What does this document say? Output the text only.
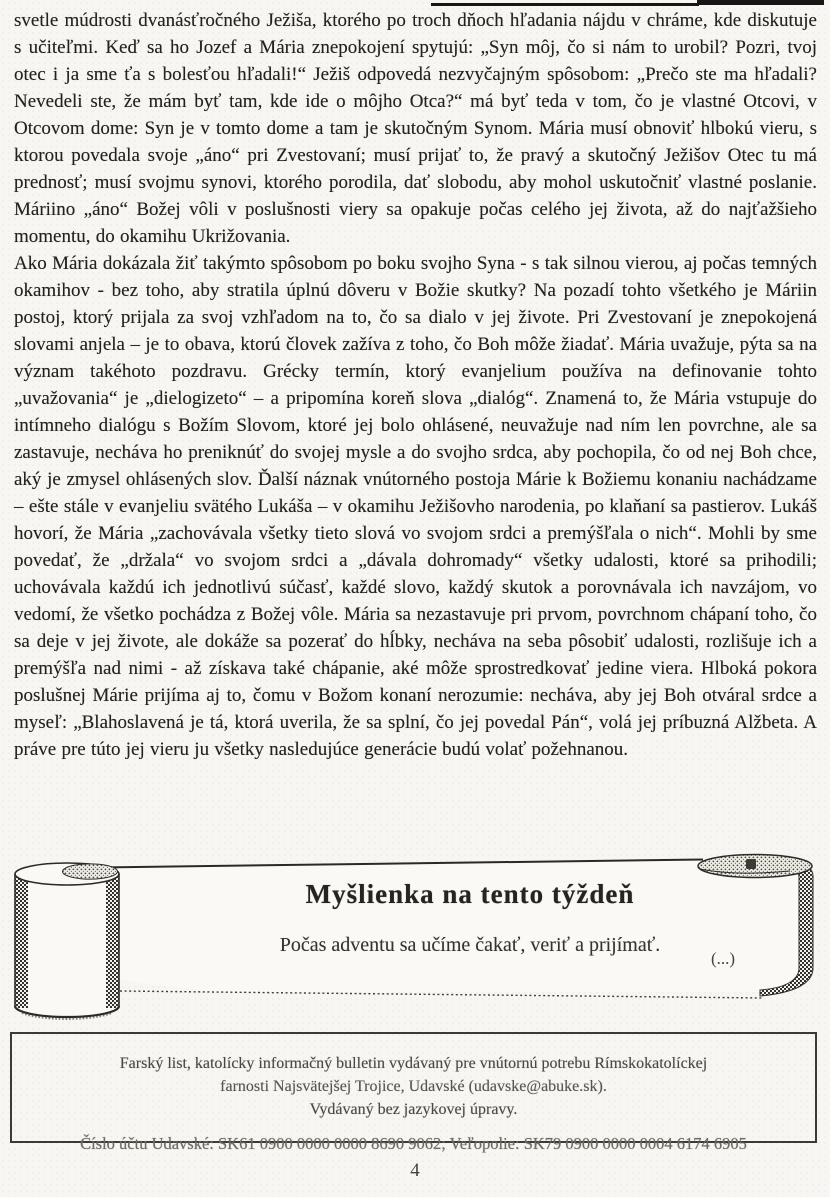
svetle múdrosti dvanásťročného Ježiša, ktorého po troch dňoch hľadania nájdu v chráme, kde diskutuje s učiteľmi. Keď sa ho Jozef a Mária znepokojení spytujú: „Syn môj, čo si nám to urobil? Pozri, tvoj otec i ja sme ťa s bolesťou hľadali!“ Ježiš odpovedá nezvyčajným spôsobom: „Prečo ste ma hľadali? Nevedeli ste, že mám byť tam, kde ide o môjho Otca?“ má byť teda v tom, čo je vlastné Otcovi, v Otcovom dome: Syn je v tomto dome a tam je skutočným Synom. Mária musí obnoviť hlbokú vieru, s ktorou povedala svoje „áno“ pri Zvestovaní; musí prijať to, že pravý a skutočný Ježišov Otec tu má prednosť; musí svojmu synovi, ktorého porodila, dať slobodu, aby mohol uskutočniť vlastné poslanie. Máriino „áno“ Božej vôli v poslušnosti viery sa opakuje počas celého jej života, až do najťažšieho momentu, do okamihu Ukrižovania.

Ako Mária dokázala žiť takýmto spôsobom po boku svojho Syna - s tak silnou vierou, aj počas temných okamihov - bez toho, aby stratila úplnú dôveru v Božie skutky? Na pozadí tohto všetkého je Máriin postoj, ktorý prijala za svoj vzhľadom na to, čo sa dialo v jej živote. Pri Zvestovaní je znepokojená slovami anjela – je to obava, ktorú človek zažíva z toho, čo Boh môže žiadať. Mária uvažuje, pýta sa na význam takéhoto pozdravu. Grécky termín, ktorý evanjelium používa na definovanie tohto „uvažovania“ je „dielogizeto“ – a pripomína koreň slova „dialóg“. Znamená to, že Mária vstupuje do intímneho dialógu s Božím Slovom, ktoré jej bolo ohlásené, neuvažuje nad ním len povrchne, ale sa zastavuje, necháva ho preniknúť do svojej mysle a do svojho srdca, aby pochopila, čo od nej Boh chce, aký je zmysel ohlásených slov. Ďalší náznak vnútorného postoja Márie k Božiemu konaniu nachádzame – ešte stále v evanjeliu svätého Lukáša – v okamihu Ježišovho narodenia, po klaňaní sa pastierov. Lukáš hovorí, že Mária „zachovávala všetky tieto slová vo svojom srdci a premýšľala o nich“. Mohli by sme povedať, že „držala“ vo svojom srdci a „dávala dohromady“ všetky udalosti, ktoré sa prihodili; uchovávala každú ich jednotlivú súčasť, každé slovo, každý skutok a porovnávala ich navzájom, vo vedomí, že všetko pochádza z Božej vôle. Mária sa nezastavuje pri prvom, povrchnom chápaní toho, čo sa deje v jej živote, ale dokáže sa pozerať do hĺbky, necháva na seba pôsobiť udalosti, rozlišuje ich a premýšľa nad nimi - až získava také chápanie, aké môže sprostredkovať jedine viera. Hlboká pokora poslušnej Márie prijíma aj to, čomu v Božom konaní nerozumie: necháva, aby jej Boh otváral srdce a myseľ: „Blahoslavená je tá, ktorá uverila, že sa splní, čo jej povedal Pán“, volá jej príbuzná Alžbeta. A práve pre túto jej vieru ju všetky nasledujúce generácie budú volať požehnanou.

Myšlienka na tento týždeň
Počas adventu sa učíme čakať, veriť a prijímať.
(...)
Farský list, katolícky informačný bulletin vydávaný pre vnútornú potrebu Rímskokatolíckej
farnosti Najsvätejšej Trojice, Udavské (udavske@abuke.sk).
Vydávaný bez jazykovej úpravy.
Číslo účtu Udavské: SK61 0900 0000 0000 8690 9062; Veľopolie: SK79 0900 0000 0004 6174 6905
4
